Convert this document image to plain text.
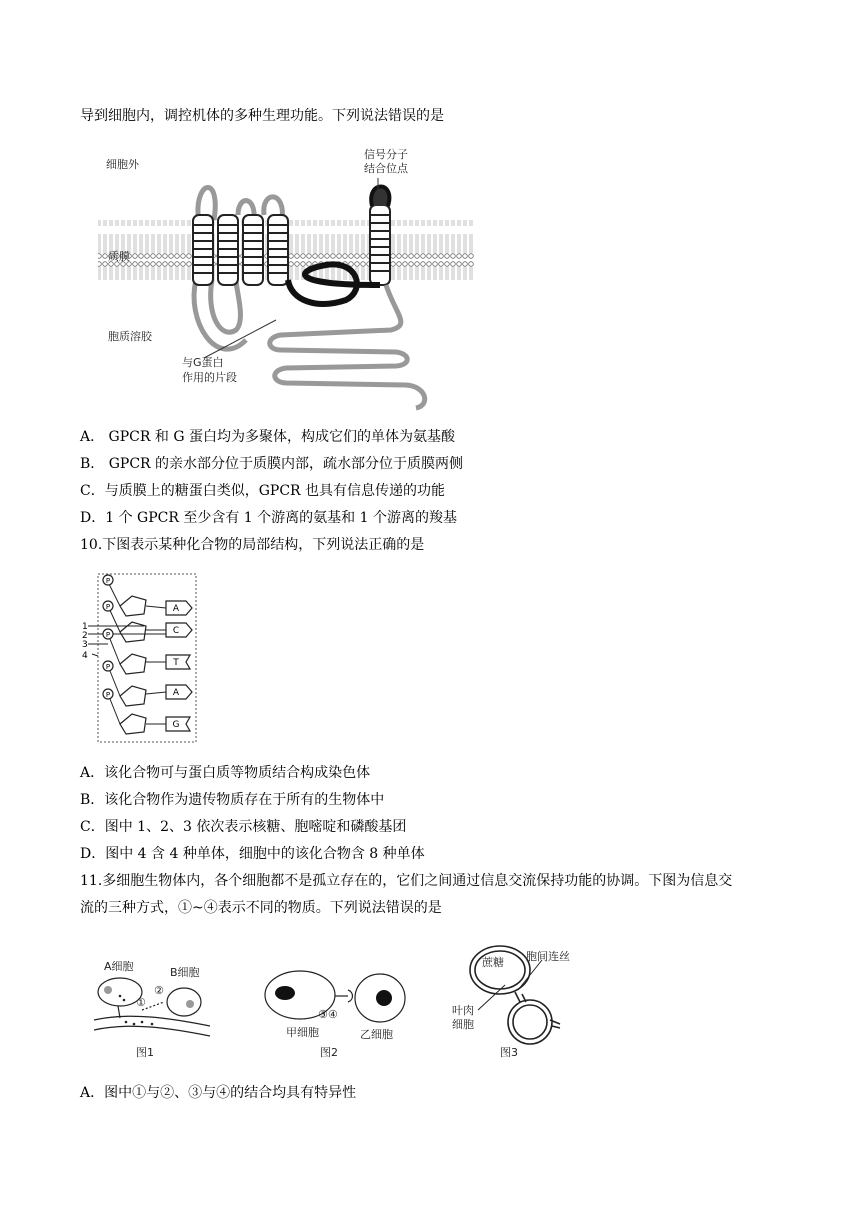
导到细胞内，调控机体的多种生理功能。下列说法错误的是
细胞外
质膜
胞质溶胶
信号分子
结合位点
与G蛋白
作用的片段
A． GPCR 和 G 蛋白均为多聚体，构成它们的单体为氨基酸
B． GPCR 的亲水部分位于质膜内部，疏水部分位于质膜两侧
C．与质膜上的糖蛋白类似，GPCR 也具有信息传递的功能
D．1 个 GPCR 至少含有 1 个游离的氨基和 1 个游离的羧基
10.下图表示某种化合物的局部结构，下列说法正确的是
P
P
P
P
P
A
C
T
A
G
1
2
3
4
A．该化合物可与蛋白质等物质结合构成染色体
B．该化合物作为遗传物质存在于所有的生物体中
C．图中 1、2、3 依次表示核糖、胞嘧啶和磷酸基团
D．图中 4 含 4 种单体，细胞中的该化合物含 8 种单体
11.多细胞生物体内，各个细胞都不是孤立存在的，它们之间通过信息交流保持功能的协调。下图为信息交
流的三种方式，①~④表示不同的物质。下列说法错误的是
A细胞	B细胞
①
②
③④
甲细胞	乙细胞
蔗糖 胞间连丝
叶肉
细胞
图1	图2	图3
A．图中①与②、③与④的结合均具有特异性
